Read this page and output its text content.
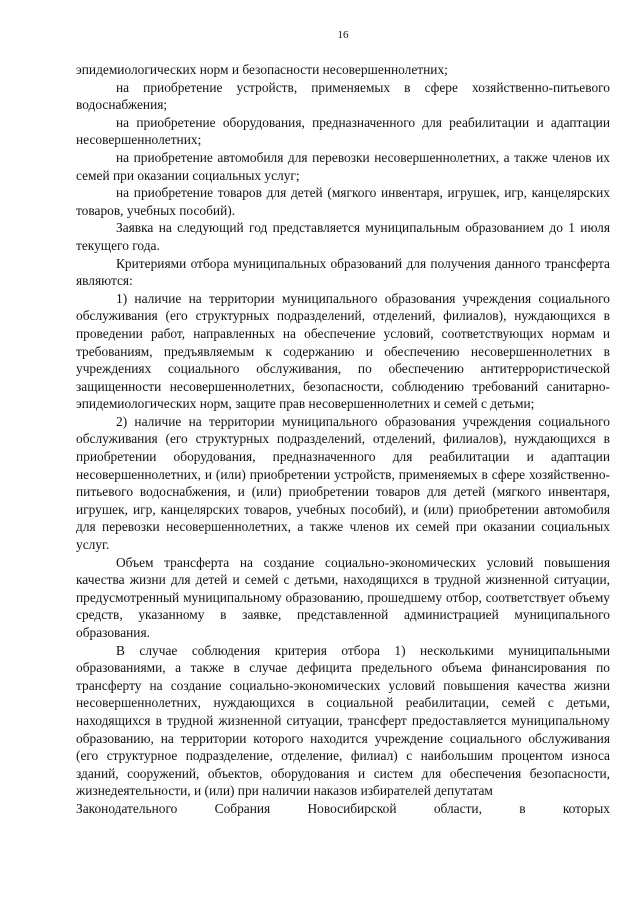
16

эпидемиологических норм и безопасности несовершеннолетних;

на приобретение устройств, применяемых в сфере хозяйственно-питьевого водоснабжения;

на приобретение оборудования, предназначенного для реабилитации и адаптации несовершеннолетних;

на приобретение автомобиля для перевозки несовершеннолетних, а также членов их семей при оказании социальных услуг;

на приобретение товаров для детей (мягкого инвентаря, игрушек, игр, канцелярских товаров, учебных пособий).

Заявка на следующий год представляется муниципальным образованием до 1 июля текущего года.

Критериями отбора муниципальных образований для получения данного трансферта являются:

1) наличие на территории муниципального образования учреждения социального обслуживания (его структурных подразделений, отделений, филиалов), нуждающихся в проведении работ, направленных на обеспечение условий, соответствующих нормам и требованиям, предъявляемым к содержанию и обеспечению несовершеннолетних в учреждениях социального обслуживания, по обеспечению антитеррористической защищенности несовершеннолетних, безопасности, соблюдению требований санитарно-эпидемиологических норм, защите прав несовершеннолетних и семей с детьми;

2) наличие на территории муниципального образования учреждения социального обслуживания (его структурных подразделений, отделений, филиалов), нуждающихся в приобретении оборудования, предназначенного для реабилитации и адаптации несовершеннолетних, и (или) приобретении устройств, применяемых в сфере хозяйственно-питьевого водоснабжения, и (или) приобретении товаров для детей (мягкого инвентаря, игрушек, игр, канцелярских товаров, учебных пособий), и (или) приобретении автомобиля для перевозки несовершеннолетних, а также членов их семей при оказании социальных услуг.

Объем трансферта на создание социально-экономических условий повышения качества жизни для детей и семей с детьми, находящихся в трудной жизненной ситуации, предусмотренный муниципальному образованию, прошедшему отбор, соответствует объему средств, указанному в заявке, представленной администрацией муниципального образования.

В случае соблюдения критерия отбора 1) несколькими муниципальными образованиями, а также в случае дефицита предельного объема финансирования по трансферту на создание социально-экономических условий повышения качества жизни несовершеннолетних, нуждающихся в социальной реабилитации, семей с детьми, находящихся в трудной жизненной ситуации, трансферт предоставляется муниципальному образованию, на территории которого находится учреждение социального обслуживания (его структурное подразделение, отделение, филиал) с наибольшим процентом износа зданий, сооружений, объектов, оборудования и систем для обеспечения безопасности, жизнедеятельности, и (или) при наличии наказов избирателей депутатам

Законодательного	Собрания	Новосибирской	области,	в	которых
